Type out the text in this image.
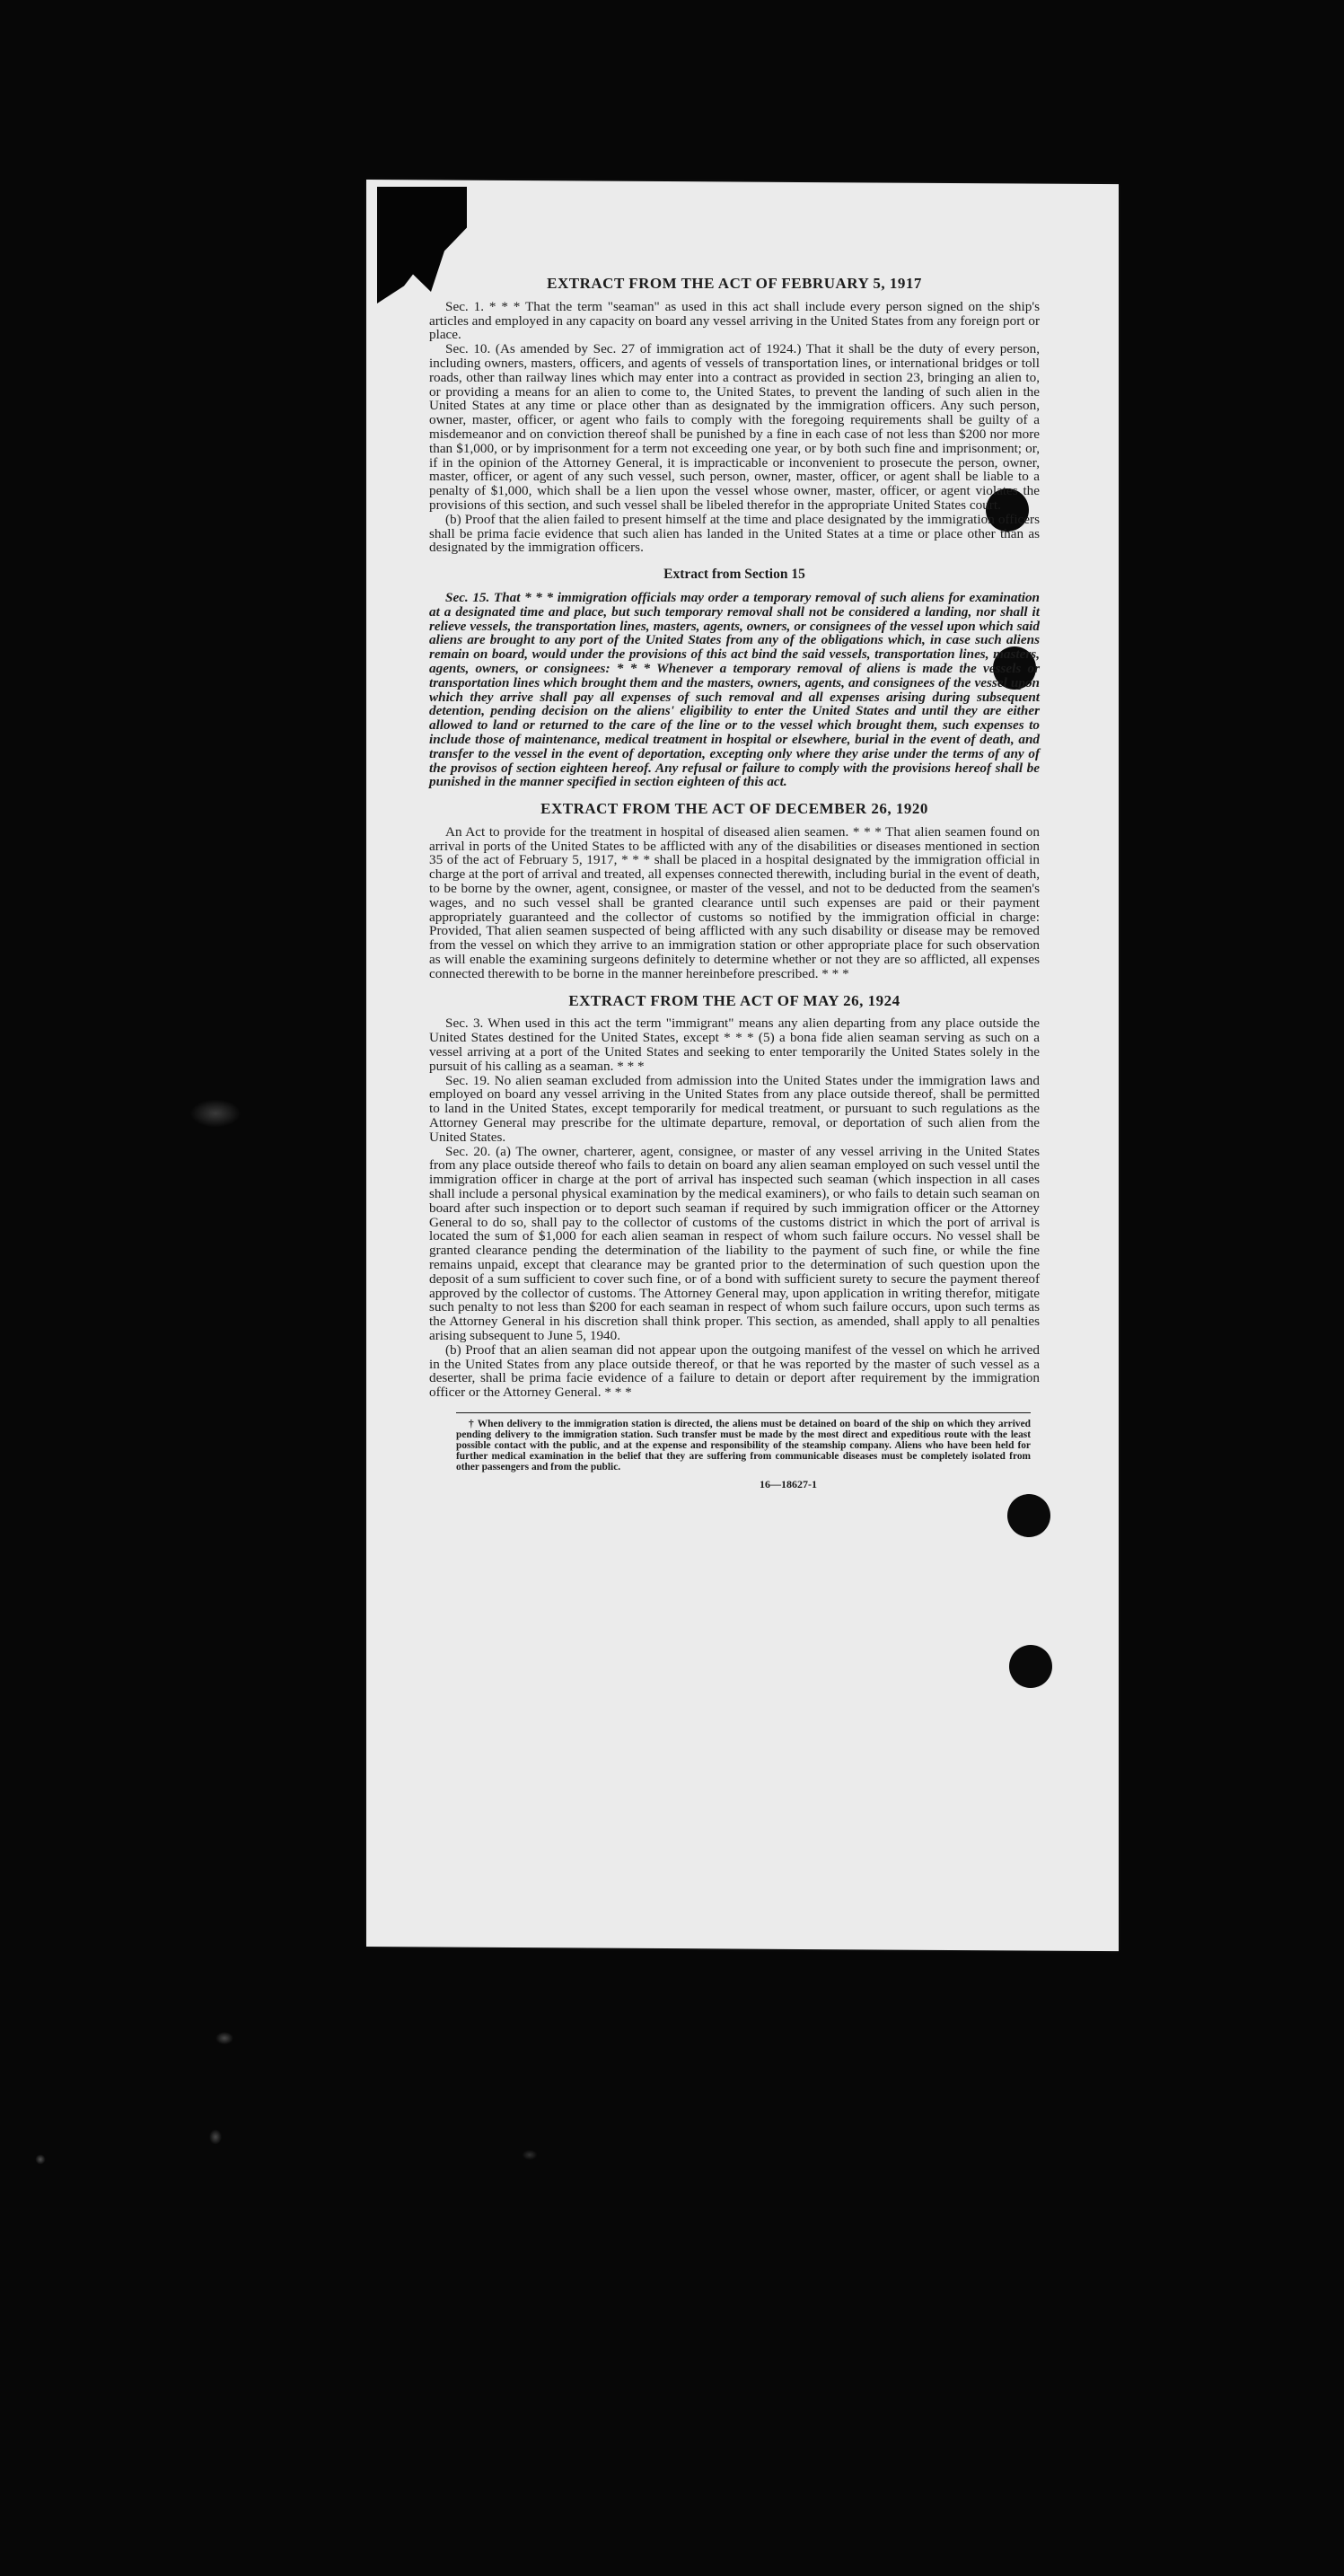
EXTRACT FROM THE ACT OF FEBRUARY 5, 1917

Sec. 1. * * * That the term "seaman" as used in this act shall include every person signed on the ship's articles and employed in any capacity on board any vessel arriving in the United States from any foreign port or place.

Sec. 10. (As amended by Sec. 27 of immigration act of 1924.) That it shall be the duty of every person, including owners, masters, officers, and agents of vessels of transportation lines, or international bridges or toll roads, other than railway lines which may enter into a contract as provided in section 23, bringing an alien to, or providing a means for an alien to come to, the United States, to prevent the landing of such alien in the United States at any time or place other than as designated by the immigration officers. Any such person, owner, master, officer, or agent who fails to comply with the foregoing requirements shall be guilty of a misdemeanor and on conviction thereof shall be punished by a fine in each case of not less than $200 nor more than $1,000, or by imprisonment for a term not exceeding one year, or by both such fine and imprisonment; or, if in the opinion of the Attorney General, it is impracticable or inconvenient to prosecute the person, owner, master, officer, or agent of any such vessel, such person, owner, master, officer, or agent shall be liable to a penalty of $1,000, which shall be a lien upon the vessel whose owner, master, officer, or agent violates the provisions of this section, and such vessel shall be libeled therefor in the appropriate United States court.

(b) Proof that the alien failed to present himself at the time and place designated by the immigration officers shall be prima facie evidence that such alien has landed in the United States at a time or place other than as designated by the immigration officers.

Extract from Section 15

Sec. 15. That * * * immigration officials may order a temporary removal of such aliens for examination at a designated time and place, but such temporary removal shall not be considered a landing, nor shall it relieve vessels, the transportation lines, masters, agents, owners, or consignees of the vessel upon which said aliens are brought to any port of the United States from any of the obligations which, in case such aliens remain on board, would under the provisions of this act bind the said vessels, transportation lines, masters, agents, owners, or consignees: * * * Whenever a temporary removal of aliens is made the vessels or transportation lines which brought them and the masters, owners, agents, and consignees of the vessel upon which they arrive shall pay all expenses of such removal and all expenses arising during subsequent detention, pending decision on the aliens' eligibility to enter the United States and until they are either allowed to land or returned to the care of the line or to the vessel which brought them, such expenses to include those of maintenance, medical treatment in hospital or elsewhere, burial in the event of death, and transfer to the vessel in the event of deportation, excepting only where they arise under the terms of any of the provisos of section eighteen hereof. Any refusal or failure to comply with the provisions hereof shall be punished in the manner specified in section eighteen of this act.

EXTRACT FROM THE ACT OF DECEMBER 26, 1920

An Act to provide for the treatment in hospital of diseased alien seamen. * * * That alien seamen found on arrival in ports of the United States to be afflicted with any of the disabilities or diseases mentioned in section 35 of the act of February 5, 1917, * * * shall be placed in a hospital designated by the immigration official in charge at the port of arrival and treated, all expenses connected therewith, including burial in the event of death, to be borne by the owner, agent, consignee, or master of the vessel, and not to be deducted from the seamen's wages, and no such vessel shall be granted clearance until such expenses are paid or their payment appropriately guaranteed and the collector of customs so notified by the immigration official in charge: Provided, That alien seamen suspected of being afflicted with any such disability or disease may be removed from the vessel on which they arrive to an immigration station or other appropriate place for such observation as will enable the examining surgeons definitely to determine whether or not they are so afflicted, all expenses connected therewith to be borne in the manner hereinbefore prescribed. * * *

EXTRACT FROM THE ACT OF MAY 26, 1924

Sec. 3. When used in this act the term "immigrant" means any alien departing from any place outside the United States destined for the United States, except * * * (5) a bona fide alien seaman serving as such on a vessel arriving at a port of the United States and seeking to enter temporarily the United States solely in the pursuit of his calling as a seaman. * * *

Sec. 19. No alien seaman excluded from admission into the United States under the immigration laws and employed on board any vessel arriving in the United States from any place outside thereof, shall be permitted to land in the United States, except temporarily for medical treatment, or pursuant to such regulations as the Attorney General may prescribe for the ultimate departure, removal, or deportation of such alien from the United States.

Sec. 20. (a) The owner, charterer, agent, consignee, or master of any vessel arriving in the United States from any place outside thereof who fails to detain on board any alien seaman employed on such vessel until the immigration officer in charge at the port of arrival has inspected such seaman (which inspection in all cases shall include a personal physical examination by the medical examiners), or who fails to detain such seaman on board after such inspection or to deport such seaman if required by such immigration officer or the Attorney General to do so, shall pay to the collector of customs of the customs district in which the port of arrival is located the sum of $1,000 for each alien seaman in respect of whom such failure occurs. No vessel shall be granted clearance pending the determination of the liability to the payment of such fine, or while the fine remains unpaid, except that clearance may be granted prior to the determination of such question upon the deposit of a sum sufficient to cover such fine, or of a bond with sufficient surety to secure the payment thereof approved by the collector of customs. The Attorney General may, upon application in writing therefor, mitigate such penalty to not less than $200 for each seaman in respect of whom such failure occurs, upon such terms as the Attorney General in his discretion shall think proper. This section, as amended, shall apply to all penalties arising subsequent to June 5, 1940.

(b) Proof that an alien seaman did not appear upon the outgoing manifest of the vessel on which he arrived in the United States from any place outside thereof, or that he was reported by the master of such vessel as a deserter, shall be prima facie evidence of a failure to detain or deport after requirement by the immigration officer or the Attorney General. * * *

† When delivery to the immigration station is directed, the aliens must be detained on board of the ship on which they arrived pending delivery to the immigration station. Such transfer must be made by the most direct and expeditious route with the least possible contact with the public, and at the expense and responsibility of the steamship company. Aliens who have been held for further medical examination in the belief that they are suffering from communicable diseases must be completely isolated from other passengers and from the public.

16—18627-1
